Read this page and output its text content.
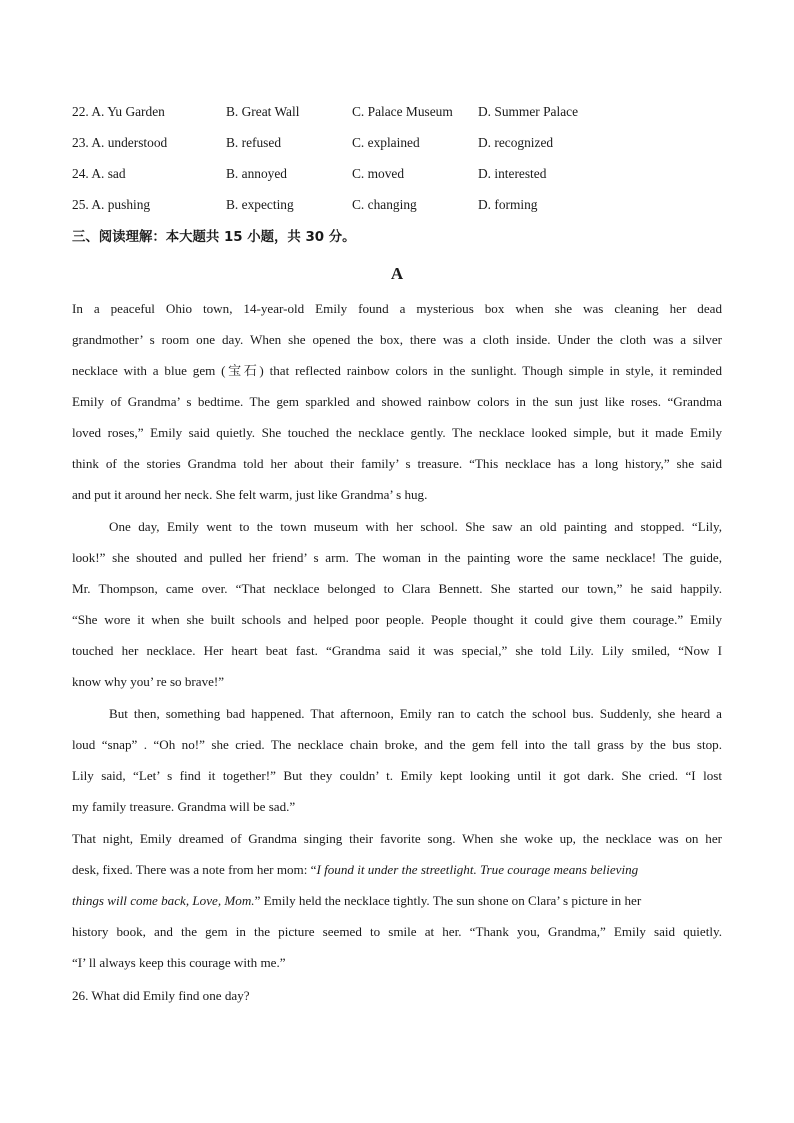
22. A. Yu Garden	B. Great Wall	C. Palace Museum D. Summer Palace
23. A. understood	B. refused	C. explained	D. recognized
24. A. sad	B. annoyed	C. moved	D. interested
25. A. pushing	B. expecting	C. changing	D. forming
三、阅读理解：本大题共 15 小题，共 30 分。
A
In a peaceful Ohio town, 14-year-old Emily found a mysterious box when she was cleaning her dead
grandmother’ s room one day. When she opened the box, there was a cloth inside. Under the cloth was a silver
necklace with a blue gem (宝石) that reflected rainbow colors in the sunlight. Though simple in style, it reminded
Emily of Grandma’ s bedtime. The gem sparkled and showed rainbow colors in the sun just like roses. “Grandma
loved roses,” Emily said quietly. She touched the necklace gently. The necklace looked simple, but it made Emily
think of the stories Grandma told her about their family’ s treasure. “This necklace has a long history,” she said
and put it around her neck. She felt warm, just like Grandma’ s hug.
One day, Emily went to the town museum with her school. She saw an old painting and stopped. “Lily,
look!” she shouted and pulled her friend’ s arm. The woman in the painting wore the same necklace! The guide,
Mr. Thompson, came over. “That necklace belonged to Clara Bennett. She started our town,” he said happily.
“She wore it when she built schools and helped poor people. People thought it could give them courage.” Emily
touched her necklace. Her heart beat fast. “Grandma said it was special,” she told Lily. Lily smiled, “Now I
know why you’ re so brave!”
But then, something bad happened. That afternoon, Emily ran to catch the school bus. Suddenly, she heard a
loud “snap” . “Oh no!” she cried. The necklace chain broke, and the gem fell into the tall grass by the bus stop.
Lily said, “Let’ s find it together!” But they couldn’ t. Emily kept looking until it got dark. She cried. “I lost
my family treasure. Grandma will be sad.”
That night, Emily dreamed of Grandma singing their favorite song. When she woke up, the necklace was on her
desk, fixed. There was a note from her mom: “I found it under the streetlight. True courage means believing
things will come back, Love, Mom.” Emily held the necklace tightly. The sun shone on Clara’ s picture in her
history book, and the gem in the picture seemed to smile at her. “Thank you, Grandma,” Emily said quietly.
“I’ ll always keep this courage with me.”
26. What did Emily find one day?
